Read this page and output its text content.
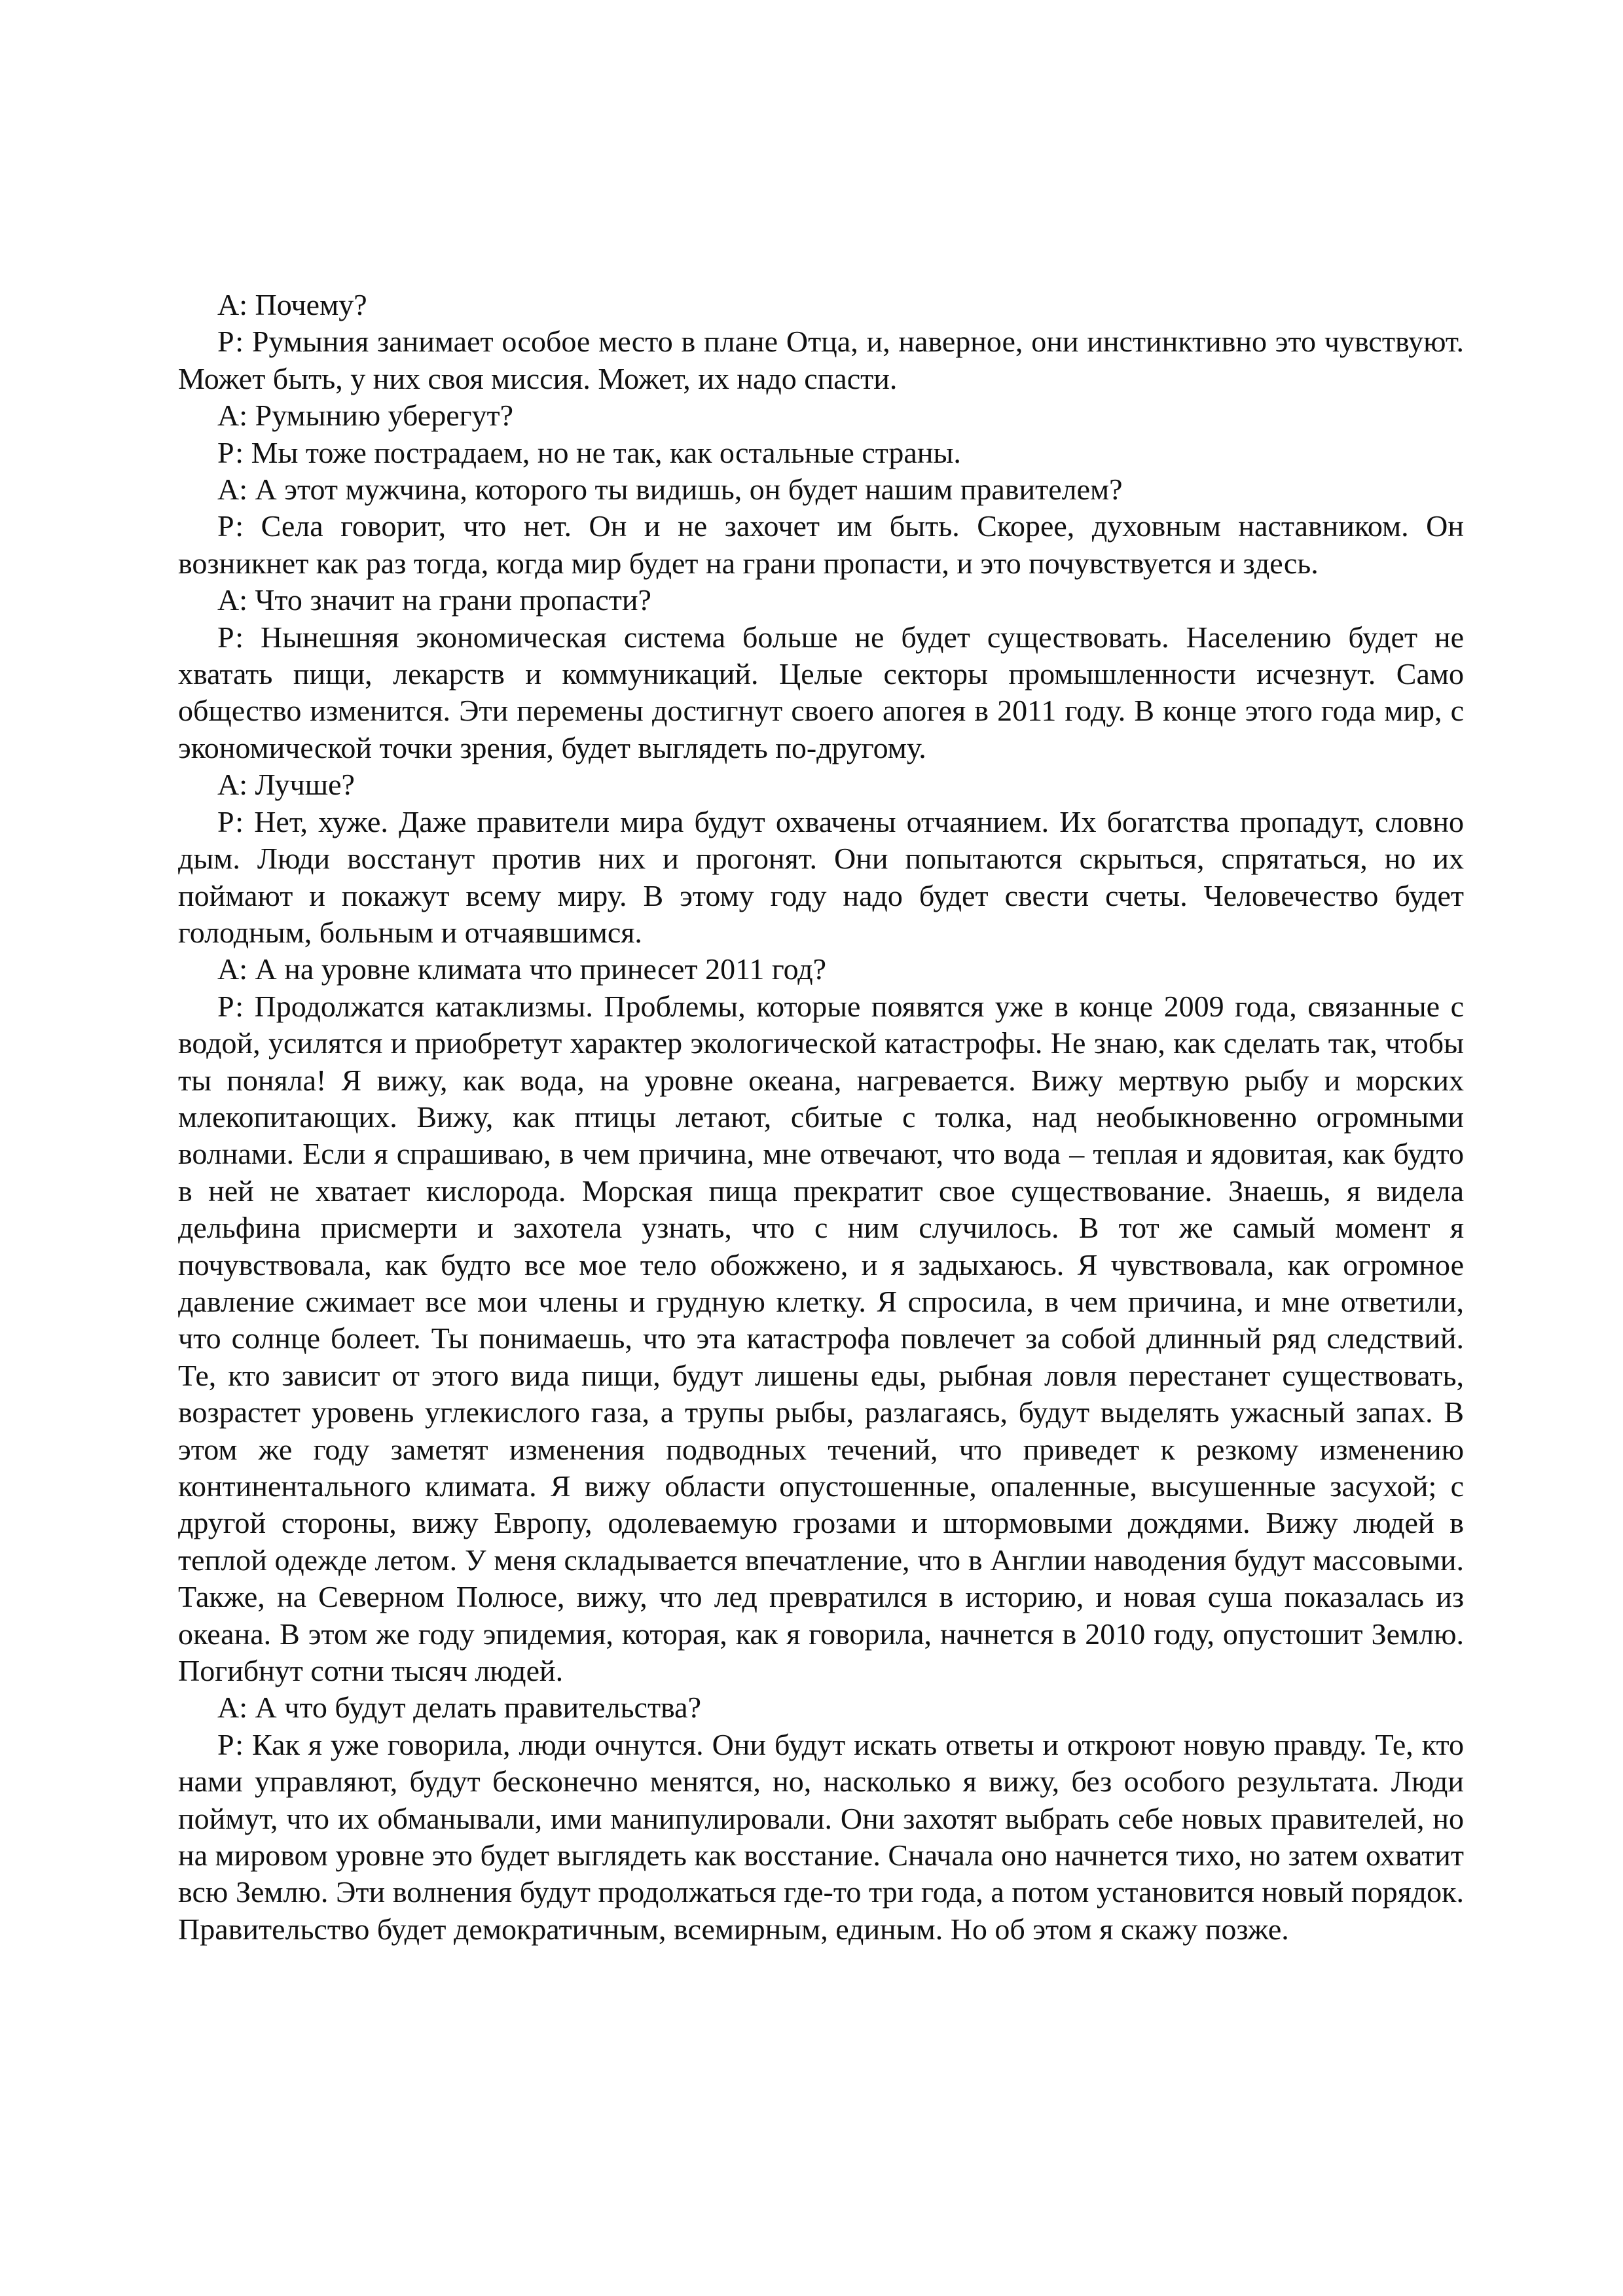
А: Почему?

Р: Румыния занимает особое место в плане Отца, и, наверное, они инстинктивно это чувствуют. Может быть, у них своя миссия. Может, их надо спасти.

А: Румынию уберегут?

Р: Мы тоже пострадаем, но не так, как остальные страны.

А: А этот мужчина, которого ты видишь, он будет нашим правителем?

Р: Села говорит, что нет. Он и не захочет им быть. Скорее, духовным наставником. Он возникнет как раз тогда, когда мир будет на грани пропасти, и это почувствуется и здесь.

А: Что значит на грани пропасти?

Р: Нынешняя экономическая система больше не будет существовать. Населению будет не хватать пищи, лекарств и коммуникаций. Целые секторы промышленности исчезнут. Само общество изменится. Эти перемены достигнут своего апогея в 2011 году. В конце этого года мир, с экономической точки зрения, будет выглядеть по-другому.

А: Лучше?

Р: Нет, хуже. Даже правители мира будут охвачены отчаянием. Их богатства пропадут, словно дым. Люди восстанут против них и прогонят. Они попытаются скрыться, спрятаться, но их поймают и покажут всему миру. В этому году надо будет свести счеты. Человечество будет голодным, больным и отчаявшимся.

А: А на уровне климата что принесет 2011 год?

Р: Продолжатся катаклизмы. Проблемы, которые появятся уже в конце 2009 года, связанные с водой, усилятся и приобретут характер экологической катастрофы. Не знаю, как сделать так, чтобы ты поняла! Я вижу, как вода, на уровне океана, нагревается. Вижу мертвую рыбу и морских млекопитающих. Вижу, как птицы летают, сбитые с толка, над необыкновенно огромными волнами. Если я спрашиваю, в чем причина, мне отвечают, что вода – теплая и ядовитая, как будто в ней не хватает кислорода. Морская пища прекратит свое существование. Знаешь, я видела дельфина присмерти и захотела узнать, что с ним случилось. В тот же самый момент я почувствовала, как будто все мое тело обожжено, и я задыхаюсь. Я чувствовала, как огромное давление сжимает все мои члены и грудную клетку. Я спросила, в чем причина, и мне ответили, что солнце болеет. Ты понимаешь, что эта катастрофа повлечет за собой длинный ряд следствий. Те, кто зависит от этого вида пищи, будут лишены еды, рыбная ловля перестанет существовать, возрастет уровень углекислого газа, а трупы рыбы, разлагаясь, будут выделять ужасный запах. В этом же году заметят изменения подводных течений, что приведет к резкому изменению континентального климата. Я вижу области опустошенные, опаленные, высушенные засухой; с другой стороны, вижу Европу, одолеваемую грозами и штормовыми дождями. Вижу людей в теплой одежде летом. У меня складывается впечатление, что в Англии наводения будут массовыми. Также, на Северном Полюсе, вижу, что лед превратился в историю, и новая суша показалась из океана. В этом же году эпидемия, которая, как я говорила, начнется в 2010 году, опустошит Землю. Погибнут сотни тысяч людей.

А: А что будут делать правительства?

Р: Как я уже говорила, люди очнутся. Они будут искать ответы и откроют новую правду. Те, кто нами управляют, будут бесконечно менятся, но, насколько я вижу, без особого результата. Люди поймут, что их обманывали, ими манипулировали. Они захотят выбрать себе новых правителей, но на мировом уровне это будет выглядеть как восстание. Сначала оно начнется тихо, но затем охватит всю Землю. Эти волнения будут продолжаться где-то три года, а потом установится новый порядок. Правительство будет демократичным, всемирным, единым. Но об этом я скажу позже.
